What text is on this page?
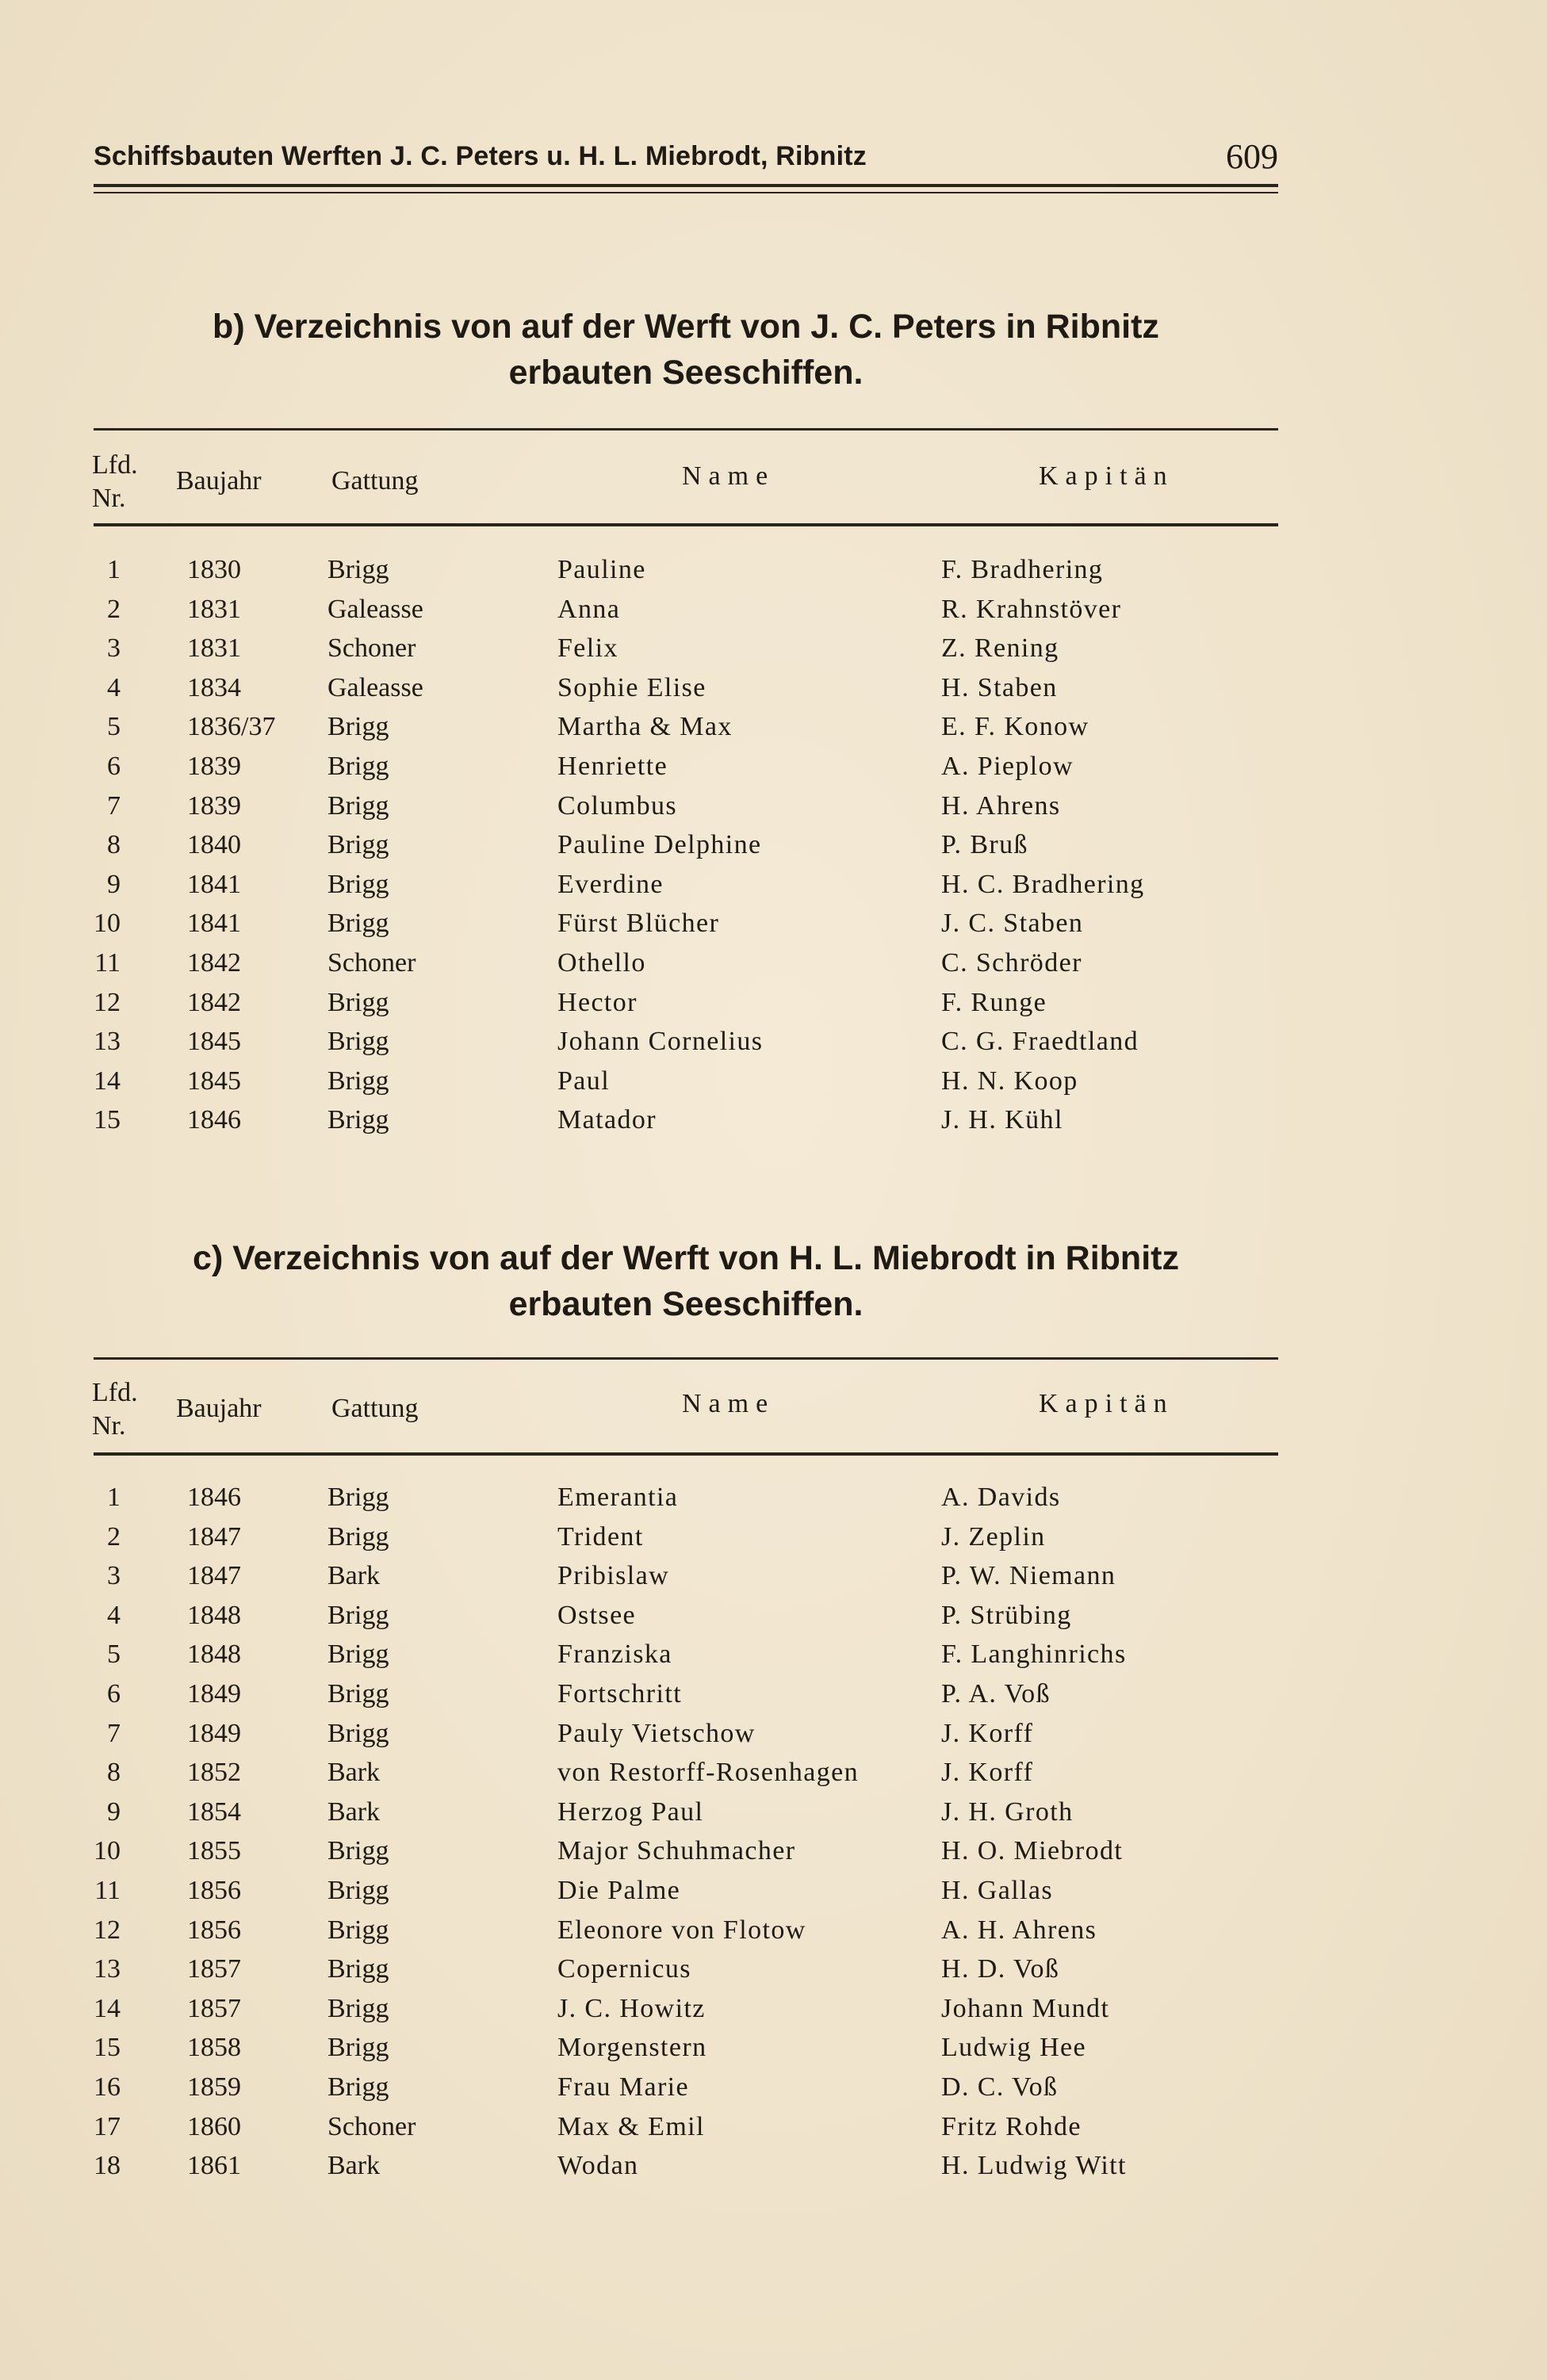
Schiffsbauten Werften J. C. Peters u. H. L. Miebrodt, Ribnitz	609
b) Verzeichnis von auf der Werft von J. C. Peters in Ribnitz
erbauten Seeschiffen.
Lfd.
Nr.
Baujahr	Gattung	Name	Kapitän
1 1830	Brigg	Pauline	F. Bradhering
2 1831	Galeasse	Anna	R. Krahnstöver
3 1831	Schoner	Felix	Z. Rening
4 1834	Galeasse	Sophie Elise	H. Staben
5 1836/37 Brigg	Martha & Max	E. F. Konow
6 1839	Brigg	Henriette	A. Pieplow
7 1839	Brigg	Columbus	H. Ahrens
8 1840	Brigg	Pauline Delphine	P. Bruß
9 1841	Brigg	Everdine	H. C. Bradhering
10 1841	Brigg	Fürst Blücher	J. C. Staben
11 1842	Schoner	Othello	C. Schröder
12 1842	Brigg	Hector	F. Runge
13 1845	Brigg	Johann Cornelius	C. G. Fraedtland
14 1845	Brigg	Paul	H. N. Koop
15 1846	Brigg	Matador	J. H. Kühl
c) Verzeichnis von auf der Werft von H. L. Miebrodt in Ribnitz
erbauten Seeschiffen.
Lfd.
Nr.
Baujahr	Gattung	Name	Kapitän
1 1846	Brigg	Emerantia	A. Davids
2 1847	Brigg	Trident	J. Zeplin
3 1847	Bark	Pribislaw	P. W. Niemann
4 1848	Brigg	Ostsee	P. Strübing
5 1848	Brigg	Franziska	F. Langhinrichs
6 1849	Brigg	Fortschritt	P. A. Voß
7 1849	Brigg	Pauly Vietschow	J. Korff
8 1852	Bark	von Restorff-Rosenhagen	J. Korff
9 1854	Bark	Herzog Paul	J. H. Groth
10 1855	Brigg	Major Schuhmacher	H. O. Miebrodt
11 1856	Brigg	Die Palme	H. Gallas
12 1856	Brigg	Eleonore von Flotow	A. H. Ahrens
13 1857	Brigg	Copernicus	H. D. Voß
14 1857	Brigg	J. C. Howitz	Johann Mundt
15 1858	Brigg	Morgenstern	Ludwig Hee
16 1859	Brigg	Frau Marie	D. C. Voß
17 1860	Schoner	Max & Emil	Fritz Rohde
18 1861	Bark	Wodan	H. Ludwig Witt
